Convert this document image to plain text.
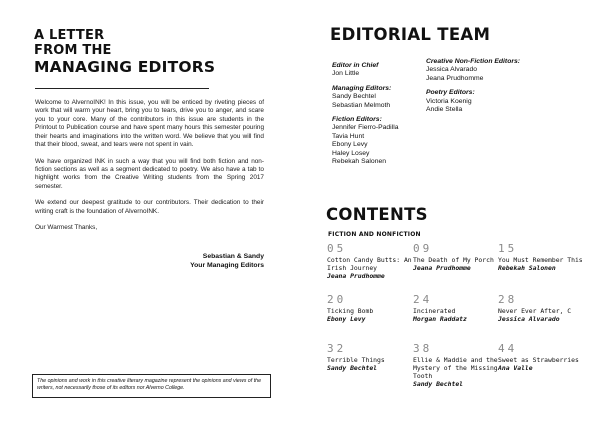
A LETTER
FROM THE
MANAGING EDITORS

Welcome to AlvernoINK! In this issue, you will be enticed by riveting pieces of work that will warm your heart, bring you to tears, drive you to anger, and scare you to your core. Many of the contributors in this issue are students in the Printout to Publication course and have spent many hours this semester pouring their hearts and imaginations into the written word. We believe that you will find that their blood, sweat, and tears were not spent in vain.

We have organized INK in such a way that you will find both fiction and non-fiction sections as well as a segment dedicated to poetry. We also have a tab to highlight works from the Creative Writing students from the Spring 2017 semester.

We extend our deepest gratitude to our contributors. Their dedication to their writing craft is the foundation of AlvernoINK.

Our Warmest Thanks,

Sebastian & Sandy
Your Managing Editors
The opinions and work in this creative literary magazine represent the opinions and views of the writers, not necessarily those of its editors nor Alverno College.
EDITORIAL TEAM
Editor in Chief
Jon Little
Managing Editors:
Sandy Bechtel
Sebastian Melmoth
Fiction Editors:
Jennifer Fierro-Padilla
Tavia Hunt
Ebony Levy
Haley Losey
Rebekah Salonen
Creative Non-Fiction Editors:
Jessica Alvarado
Jeana Prudhomme
Poetry Editors:
Victoria Koenig
Andie Stella
CONTENTS
FICTION AND NONFICTION
05
Cotton Candy Butts: An Irish Journey
Jeana Prudhomme
09
The Death of My Porch
Jeana Prudhomme
15
You Must Remember This
Rebekah Salonen
20
Ticking Bomb
Ebony Levy
24
Incinerated
Morgan Raddatz
28
Never Ever After, C
Jessica Alvarado
32
Terrible Things
Sandy Bechtel
38
Ellie & Maddie and the Mystery of the Missing Tooth
Sandy Bechtel
44
Sweet as Strawberries
Ana Valle
